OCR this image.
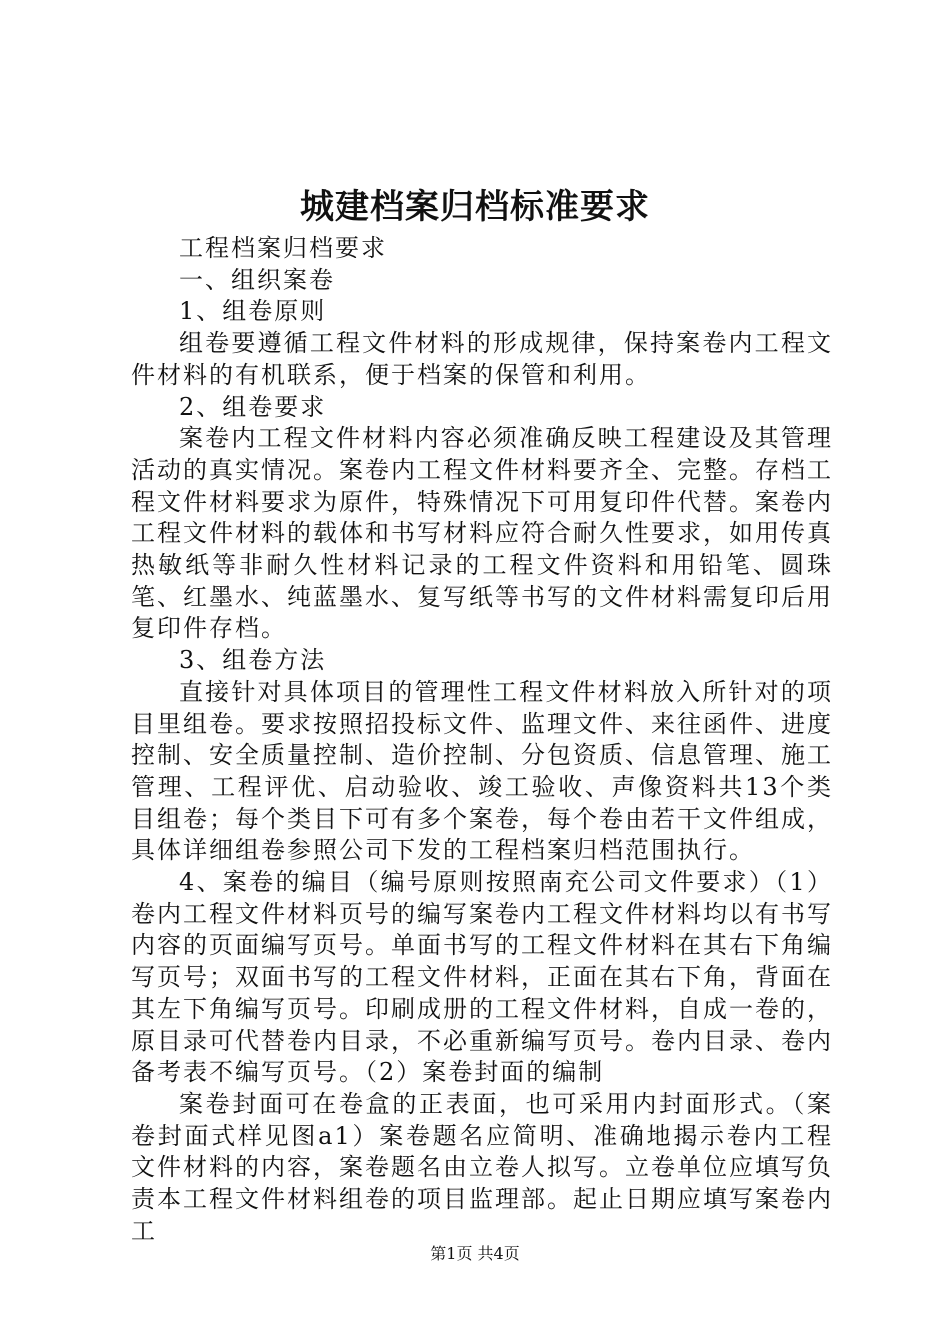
城建档案归档标准要求

工程档案归档要求

一、组织案卷

1、组卷原则

组卷要遵循工程文件材料的形成规律，保持案卷内工程文件材料的有机联系，便于档案的保管和利用。

2、组卷要求

案卷内工程文件材料内容必须准确反映工程建设及其管理活动的真实情况。案卷内工程文件材料要齐全、完整。存档工程文件材料要求为原件，特殊情况下可用复印件代替。案卷内工程文件材料的载体和书写材料应符合耐久性要求，如用传真热敏纸等非耐久性材料记录的工程文件资料和用铅笔、圆珠笔、红墨水、纯蓝墨水、复写纸等书写的文件材料需复印后用复印件存档。

3、组卷方法

直接针对具体项目的管理性工程文件材料放入所针对的项目里组卷。要求按照招投标文件、监理文件、来往函件、进度控制、安全质量控制、造价控制、分包资质、信息管理、施工管理、工程评优、启动验收、竣工验收、声像资料共13个类目组卷；每个类目下可有多个案卷，每个卷由若干文件组成，具体详细组卷参照公司下发的工程档案归档范围执行。

4、案卷的编目（编号原则按照南充公司文件要求）（1）卷内工程文件材料页号的编写案卷内工程文件材料均以有书写内容的页面编写页号。单面书写的工程文件材料在其右下角编写页号；双面书写的工程文件材料，正面在其右下角，背面在其左下角编写页号。印刷成册的工程文件材料，自成一卷的，原目录可代替卷内目录，不必重新编写页号。卷内目录、卷内备考表不编写页号。（2）案卷封面的编制

案卷封面可在卷盒的正表面，也可采用内封面形式。（案卷封面式样见图a1）案卷题名应简明、准确地揭示卷内工程文件材料的内容，案卷题名由立卷人拟写。立卷单位应填写负责本工程文件材料组卷的项目监理部。起止日期应填写案卷内工

第1页 共4页
